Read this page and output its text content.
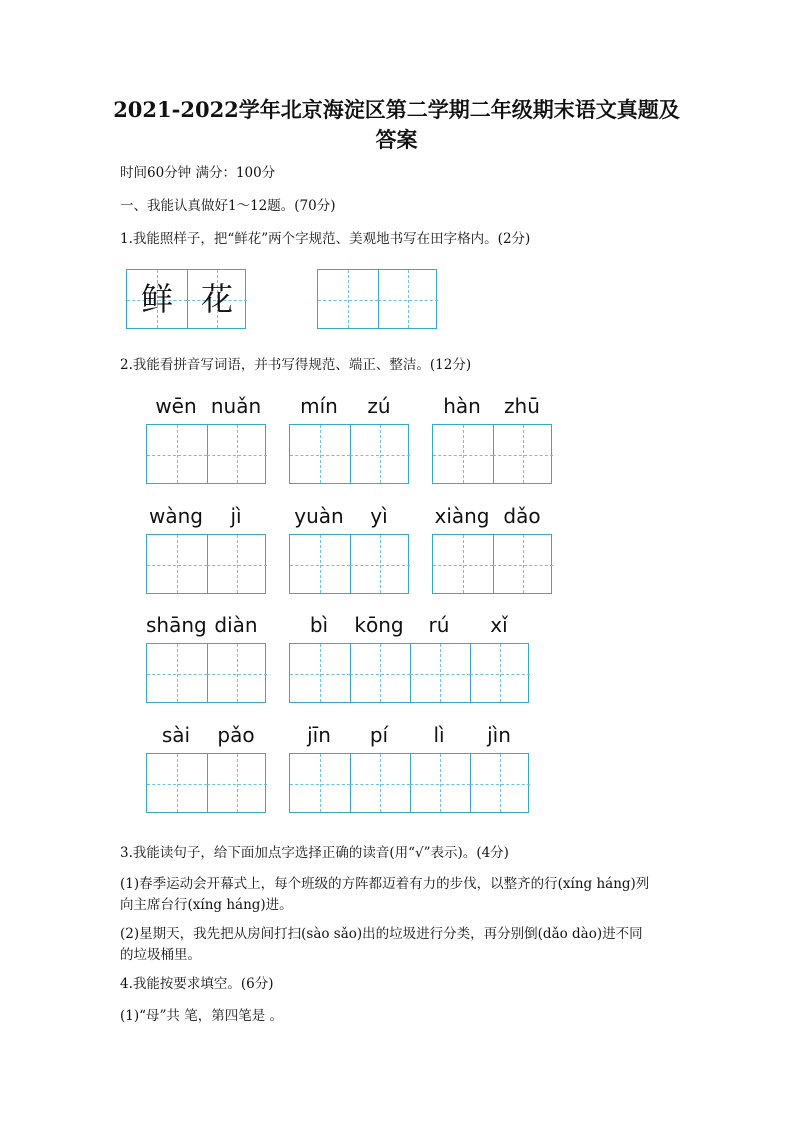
2021-2022学年北京海淀区第二学期二年级期末语文真题及
答案
时间60分钟 满分：100分
一、我能认真做好1～12题。(70分)
1.我能照样子，把“鲜花”两个字规范、美观地书写在田字格内。(2分)
鲜 花
2.我能看拼音写词语，并书写得规范、端正、整洁。(12分)
wēn nuǎn	mín	zú	hàn	zhū
wàng	jì	yuàn	yì	xiàng dǎo
shāng diàn	bì	kōng	rú	xǐ
sài	pǎo	jīn	pí	lì	jìn
3.我能读句子，给下面加点字选择正确的读音(用“√”表示)。(4分)
(1)春季运动会开幕式上，每个班级的方阵都迈着有力的步伐，以整齐的行(xíng háng)列
向主席台行(xíng háng)进。
(2)星期天，我先把从房间打扫(sào sǎo)出的垃圾进行分类，再分别倒(dǎo dào)进不同
的垃圾桶里。
4.我能按要求填空。(6分)
(1)“母”共 笔，第四笔是 。
